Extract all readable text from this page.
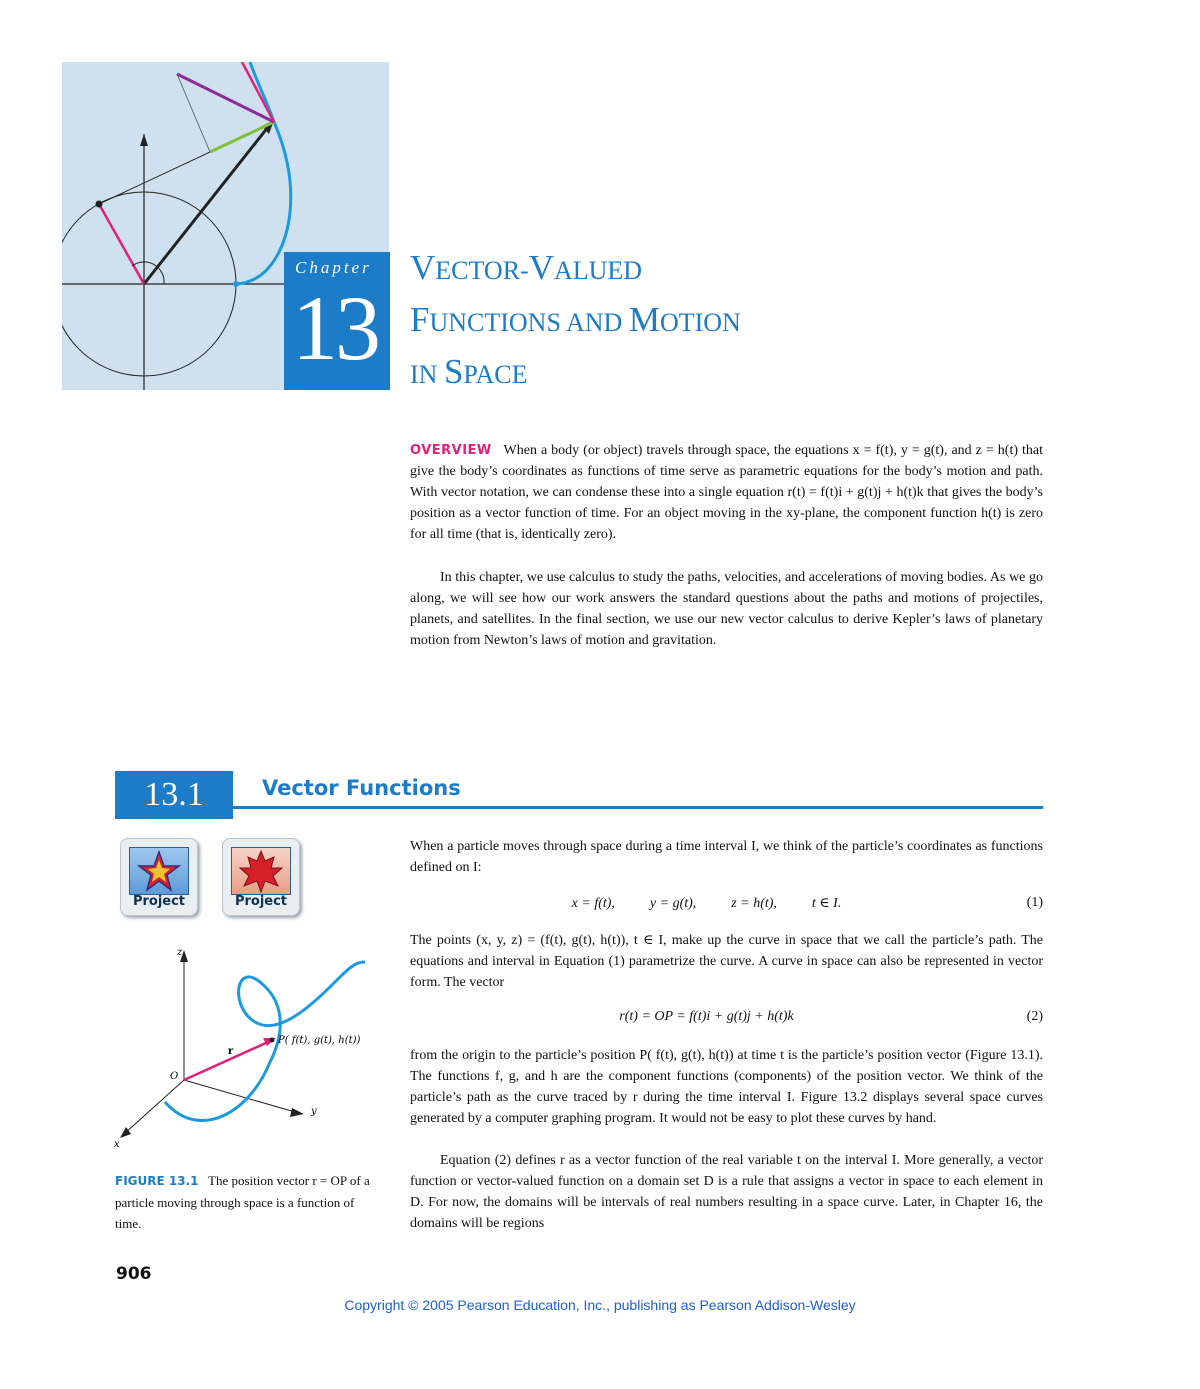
Chapter
13
VECTOR-VALUED
FUNCTIONS AND MOTION
IN SPACE

OVERVIEW When a body (or object) travels through space, the equations x = f(t), y = g(t), and z = h(t) that give the body’s coordinates as functions of time serve as parametric equations for the body’s motion and path. With vector notation, we can condense these into a single equation r(t) = f(t)i + g(t)j + h(t)k that gives the body’s position as a vector function of time. For an object moving in the xy-plane, the component function h(t) is zero for all time (that is, identically zero).

In this chapter, we use calculus to study the paths, velocities, and accelerations of moving bodies. As we go along, we will see how our work answers the standard questions about the paths and motions of projectiles, planets, and satellites. In the final section, we use our new vector calculus to derive Kepler’s laws of planetary motion from Newton’s laws of motion and gravitation.

13.1	Vector Functions
Project	Project
z
y
x
O
r
P( f(t), g(t), h(t))

FIGURE 13.1 The position vector r = OP of a particle moving through space is a function of time.

When a particle moves through space during a time interval I, we think of the particle’s coordinates as functions defined on I:

x = f(t),          y = g(t),          z = h(t),          t ∈ I.	(1)

The points (x, y, z) = (f(t), g(t), h(t)), t ∈ I, make up the curve in space that we call the particle’s path. The equations and interval in Equation (1) parametrize the curve. A curve in space can also be represented in vector form. The vector

r(t) = OP = f(t)i + g(t)j + h(t)k	(2)

from the origin to the particle’s position P( f(t), g(t), h(t)) at time t is the particle’s position vector (Figure 13.1). The functions f, g, and h are the component functions (components) of the position vector. We think of the particle’s path as the curve traced by r during the time interval I. Figure 13.2 displays several space curves generated by a computer graphing program. It would not be easy to plot these curves by hand.

Equation (2) defines r as a vector function of the real variable t on the interval I. More generally, a vector function or vector-valued function on a domain set D is a rule that assigns a vector in space to each element in D. For now, the domains will be intervals of real numbers resulting in a space curve. Later, in Chapter 16, the domains will be regions

906
Copyright © 2005 Pearson Education, Inc., publishing as Pearson Addison-Wesley
